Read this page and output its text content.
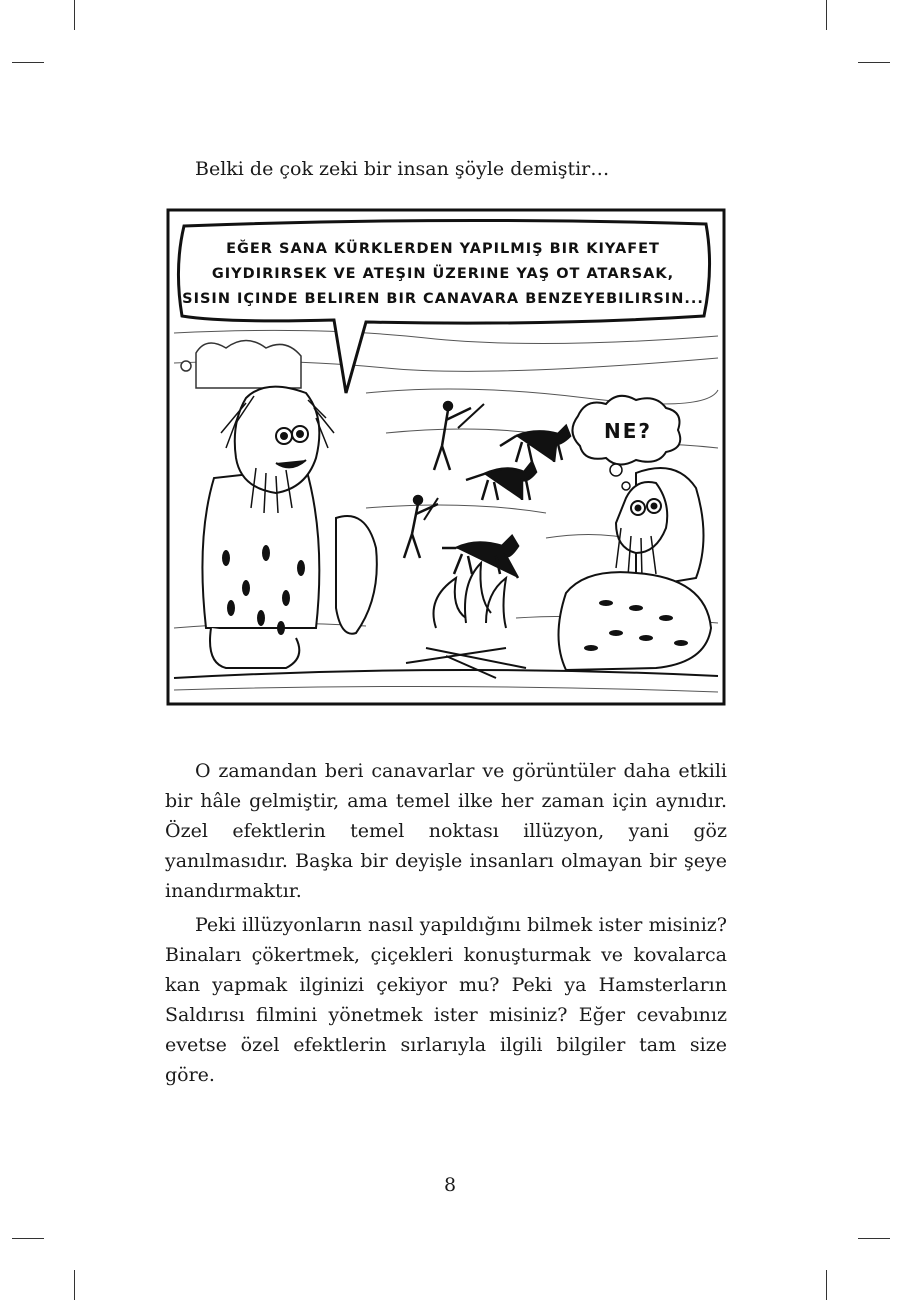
Belki de çok zeki bir insan şöyle demiştir…

EĞER SANA KÜRKLERDEN YAPILMIŞ BIR KIYAFET
GIYDIRIRSEK VE ATEŞIN ÜZERINE YAŞ OT ATARSAK,
SISIN IÇINDE BELIREN BIR CANAVARA BENZEYEBILIRSIN...
NE?

O zamandan beri canavarlar ve görüntüler daha etkili bir hâle gelmiştir, ama temel ilke her zaman için aynıdır. Özel efektlerin temel noktası illüzyon, yani göz yanılmasıdır. Başka bir deyişle insanları olmayan bir şeye inandırmaktır.

Peki illüzyonların nasıl yapıldığını bilmek ister misiniz? Binaları çökertmek, çiçekleri konuşturmak ve kovalarca kan yapmak ilginizi çekiyor mu? Peki ya Hamsterların Saldırısı filmini yönetmek ister misiniz? Eğer cevabınız evetse özel efektlerin sırlarıyla ilgili bilgiler tam size göre.

8
